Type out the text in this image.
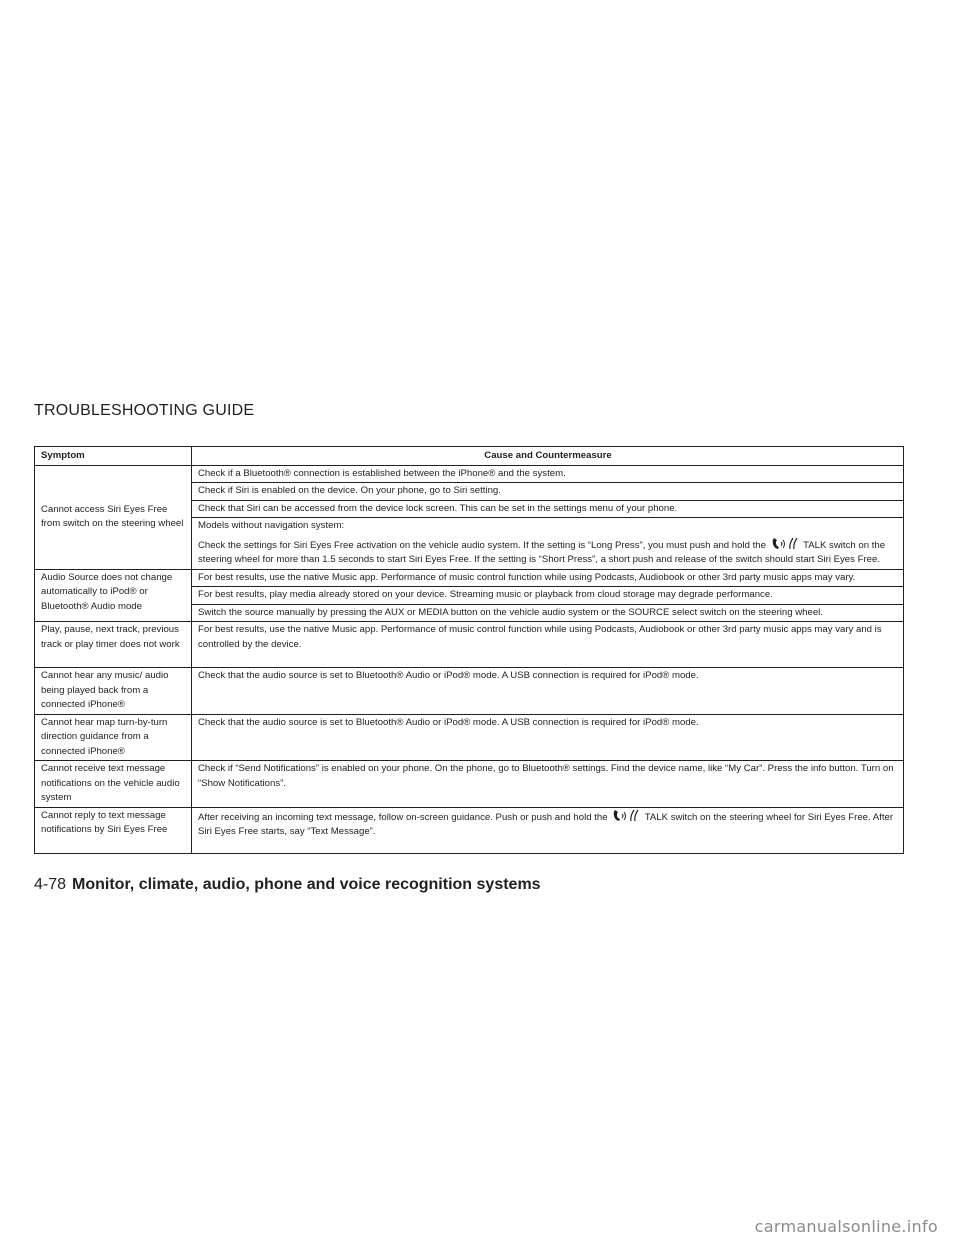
TROUBLESHOOTING GUIDE
Symptom	Cause and Countermeasure
Cannot access Siri Eyes Free from switch on the steering wheel	Check if a Bluetooth® connection is established between the iPhone® and the system.
	Check if Siri is enabled on the device. On your phone, go to Siri setting.
	Check that Siri can be accessed from the device lock screen. This can be set in the settings menu of your phone.

	Models without navigation system:
Check the settings for Siri Eyes Free activation on the vehicle audio system. If the setting is “Long Press”, you must push and hold the TALK switch on the steering wheel for more than 1.5 seconds to start Siri Eyes Free. If the setting is “Short Press”, a short push and release of the switch should start Siri Eyes Free.
Audio Source does not change automatically to iPod® or Bluetooth® Audio mode	For best results, use the native Music app. Performance of music control function while using Podcasts, Audiobook or other 3rd party music apps may vary.
	For best results, play media already stored on your device. Streaming music or playback from cloud storage may degrade performance.
	Switch the source manually by pressing the AUX or MEDIA button on the vehicle audio system or the SOURCE select switch on the steering wheel.
Play, pause, next track, previous track or play timer does not work	For best results, use the native Music app. Performance of music control function while using Podcasts, Audiobook or other 3rd party music apps may vary and is controlled by the device.
Cannot hear any music/ audio being played back from a connected iPhone®	Check that the audio source is set to Bluetooth® Audio or iPod® mode. A USB connection is required for iPod® mode.
Cannot hear map turn-by-turn direction guidance from a connected iPhone®	Check that the audio source is set to Bluetooth® Audio or iPod® mode. A USB connection is required for iPod® mode.
Cannot receive text message notifications on the vehicle audio system	Check if “Send Notifications” is enabled on your phone. On the phone, go to Bluetooth® settings. Find the device name, like “My Car”. Press the info button. Turn on “Show Notifications”.
Cannot reply to text message notifications by Siri Eyes Free	After receiving an incoming text message, follow on-screen guidance. Push or push and hold the TALK switch on the steering wheel for Siri Eyes Free. After Siri Eyes Free starts, say “Text Message”.
4-78 Monitor, climate, audio, phone and voice recognition systems
carmanualsonline.info
